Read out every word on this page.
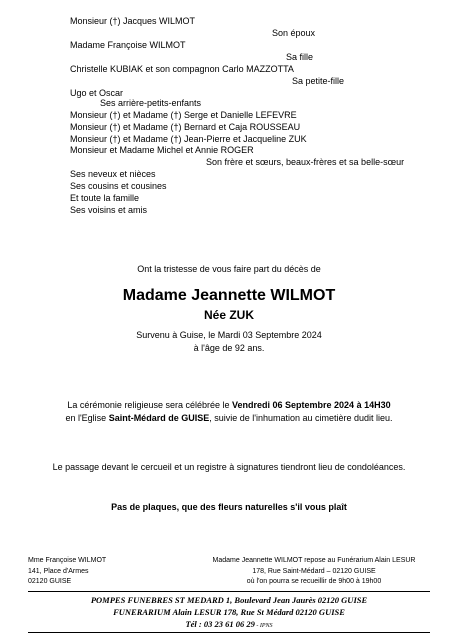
Monsieur (†) Jacques WILMOT
Son époux
Madame Françoise WILMOT
Sa fille
Christelle KUBIAK et son compagnon Carlo MAZZOTTA
Sa petite-fille
Ugo et Oscar
Ses arrière-petits-enfants
Monsieur (†) et Madame (†) Serge et Danielle LEFEVRE
Monsieur (†) et Madame (†) Bernard et Caja ROUSSEAU
Monsieur (†) et Madame (†) Jean-Pierre et Jacqueline ZUK
Monsieur et Madame Michel et Annie ROGER
Son frère et sœurs, beaux-frères et sa belle-sœur
Ses neveux et nièces
Ses cousins et cousines
Et toute la famille
Ses voisins et amis
Ont la tristesse de vous faire part du décès de
Madame Jeannette WILMOT
Née ZUK
Survenu à Guise, le Mardi 03 Septembre 2024
à l'âge de 92 ans.
La cérémonie religieuse sera célébrée le Vendredi 06 Septembre 2024 à 14H30
en l'Eglise Saint-Médard de GUISE, suivie de l'inhumation au cimetière dudit lieu.
Le passage devant le cercueil et un registre à signatures tiendront lieu de condoléances.
Pas de plaques, que des fleurs naturelles s'il vous plaît
Mme Françoise WILMOT
141, Place d'Armes
02120 GUISE
Madame Jeannette WILMOT repose au Funérarium Alain LESUR
178, Rue Saint-Médard – 02120 GUISE
où l'on pourra se recueillir de 9h00 à 19h00
POMPES FUNEBRES ST MEDARD 1, Boulevard Jean Jaurès 02120 GUISE
FUNERARIUM Alain LESUR 178, Rue St Médard 02120 GUISE
Tél : 03 23 61 06 29 - IPNS
